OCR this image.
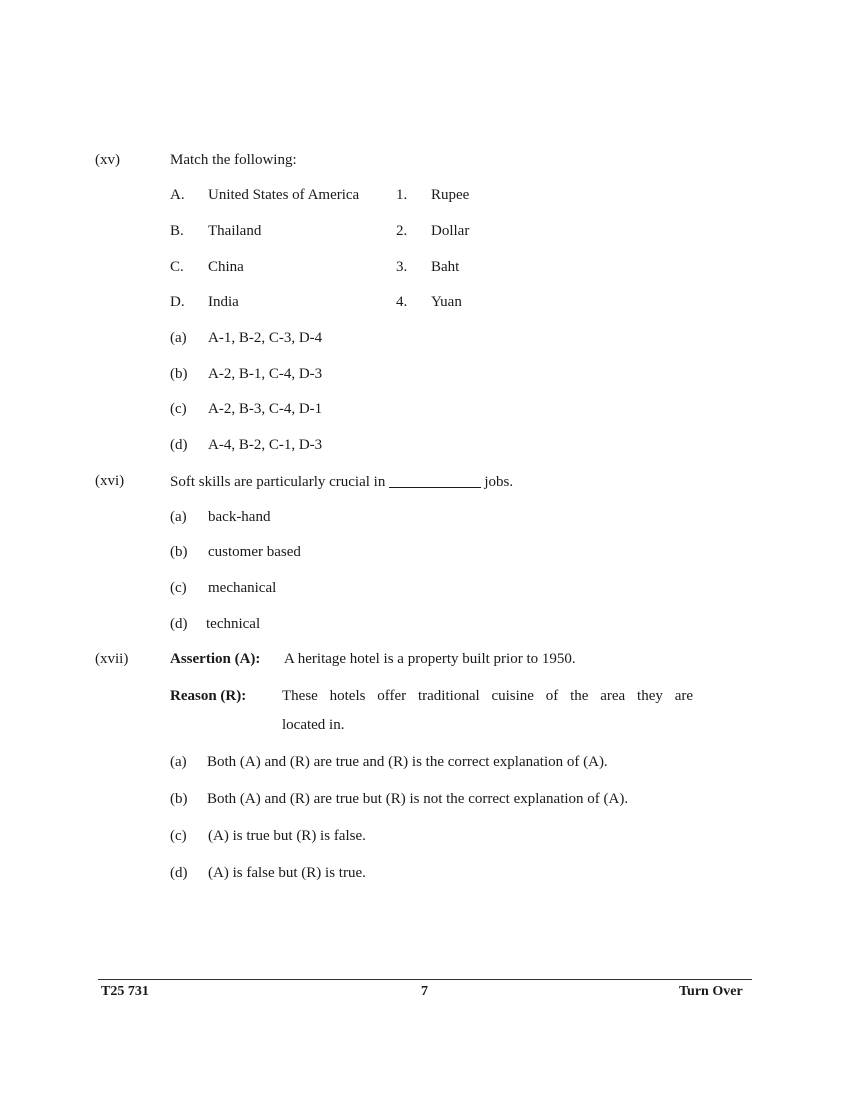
(xv)	Match the following:
A. United States of America 1. Rupee
B. Thailand	2. Dollar
C. China	3. Baht
D. India	4. Yuan
(a) A-1, B-2, C-3, D-4
(b) A-2, B-1, C-4, D-3
(c) A-2, B-3, C-4, D-1
(d) A-4, B-2, C-1, D-3
(xvi)	Soft skills are particularly crucial in	jobs.
(a) back-hand
(b) customer based
(c) mechanical
(d) technical
(xvii)	Assertion (A): A heritage hotel is a property built prior to 1950.
Reason (R): These hotels offer traditional cuisine of the area they are
located in.
(a) Both (A) and (R) are true and (R) is the correct explanation of (A).
(b) Both (A) and (R) are true but (R) is not the correct explanation of (A).
(c) (A) is true but (R) is false.
(d) (A) is false but (R) is true.
T25 731	7	Turn Over
